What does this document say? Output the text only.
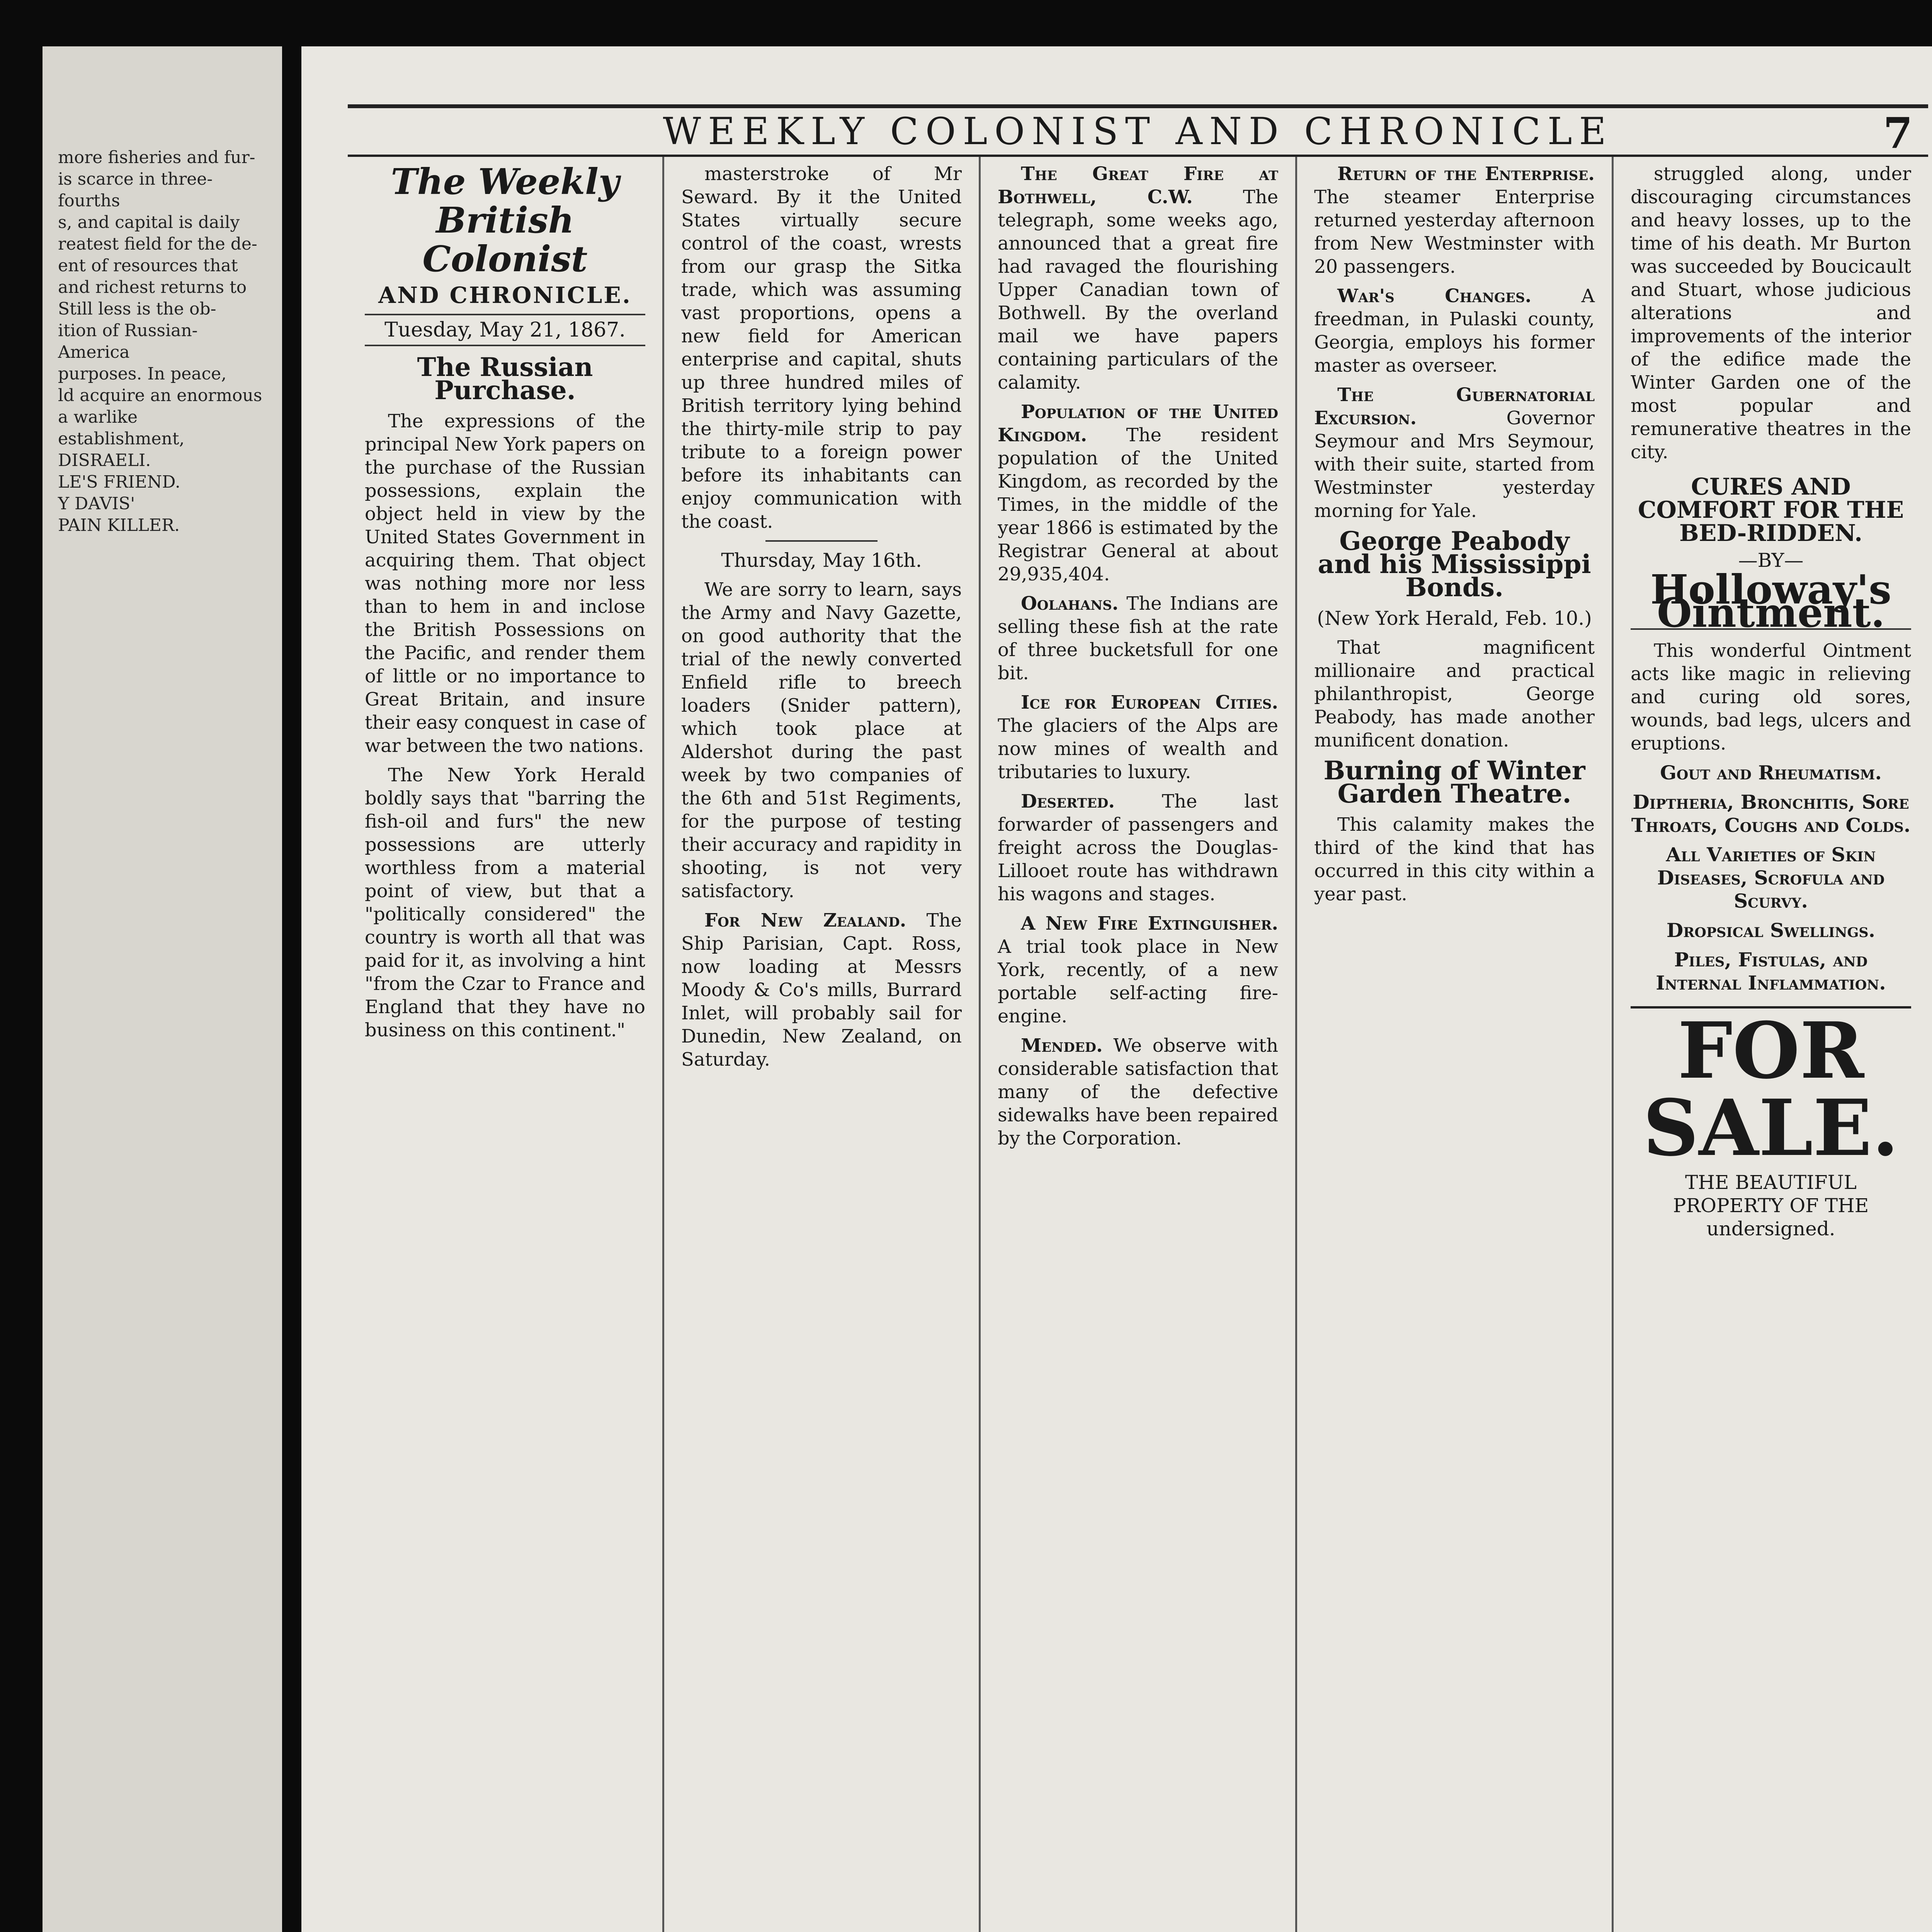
more fisheries and fur-
is scarce in three-fourths
s, and capital is daily
reatest field for the de-
ent of resources that
and richest returns to
Still less is the ob-
ition of Russian-America
purposes. In peace,
ld acquire an enormous
a warlike establishment,
DISRAELI.
LE'S FRIEND.
Y DAVIS'
PAIN KILLER.
WEEKLY COLONIST AND CHRONICLE	7
The Weekly British Colonist
AND CHRONICLE.
Tuesday, May 21, 1867.
The Russian Purchase.

The expressions of the principal New York papers on the purchase of the Russian possessions, explain the object held in view by the United States Government in acquiring them. That object was nothing more nor less than to hem in and inclose the British Possessions on the Pacific, and render them of little or no importance to Great Britain, and insure their easy conquest in case of war between the two nations.

The New York Herald boldly says that "barring the fish-oil and furs" the new possessions are utterly worthless from a material point of view, but that a "politically considered" the country is worth all that was paid for it, as involving a hint "from the Czar to France and England that they have no business on this continent."

masterstroke of Mr Seward. By it the United States virtually secure control of the coast, wrests from our grasp the Sitka trade, which was assuming vast proportions, opens a new field for American enterprise and capital, shuts up three hundred miles of British territory lying behind the thirty-mile strip to pay tribute to a foreign power before its inhabitants can enjoy communication with the coast.

Thursday, May 16th.

We are sorry to learn, says the Army and Navy Gazette, on good authority that the trial of the newly converted Enfield rifle to breech loaders (Snider pattern), which took place at Aldershot during the past week by two companies of the 6th and 51st Regiments, for the purpose of testing their accuracy and rapidity in shooting, is not very satisfactory.

For New Zealand. The Ship Parisian, Capt. Ross, now loading at Messrs Moody & Co's mills, Burrard Inlet, will probably sail for Dunedin, New Zealand, on Saturday.

The Great Fire at Bothwell, C.W.	The telegraph, some weeks ago, announced that a great fire had ravaged the flourishing Upper Canadian town of Bothwell. By the overland mail we have papers containing particulars of the calamity.

Population of the United Kingdom. The resident population of the United Kingdom, as recorded by the Times, in the middle of the year 1866 is estimated by the Registrar General at about 29,935,404.

Oolahans. The Indians are selling these fish at the rate of three bucketsfull for one bit.

Ice for European Cities. The glaciers of the Alps are now mines of wealth and tributaries to luxury.

Deserted.	The last forwarder of passengers and freight across the Douglas-Lillooet route has withdrawn his wagons and stages.

A New Fire Extinguisher. A trial took place in New York, recently, of a new portable self-acting fire-engine.

Mended. We observe with considerable satisfaction that many of the defective sidewalks have been repaired by the Corporation.

Return of the Enterprise. The steamer Enterprise returned yesterday afternoon from New Westminster with 20 passengers.

War's Changes.	A freedman, in Pulaski county, Georgia, employs his former master as overseer.

The Gubernatorial Excursion.	Governor Seymour and Mrs Seymour, with their suite, started from Westminster yesterday morning for Yale.

George Peabody and his Mississippi Bonds.
(New York Herald, Feb. 10.)

That magnificent millionaire and practical philanthropist, George Peabody, has made another munificent donation.

Burning of Winter Garden Theatre.

This calamity makes the third of the kind that has occurred in this city within a year past.

struggled along, under discouraging circumstances and heavy losses, up to the time of his death. Mr Burton was succeeded by Boucicault and Stuart, whose judicious alterations and improvements of the interior of the edifice made the Winter Garden one of the most popular and remunerative theatres in the city.

CURES AND COMFORT FOR THE BED-RIDDEN.
—BY—
Holloway's Ointment.

This wonderful Ointment acts like magic in relieving and curing old sores, wounds, bad legs, ulcers and eruptions.

Gout and Rheumatism.
Diptheria, Bronchitis, Sore Throats, Coughs and Colds.
All Varieties of Skin Diseases, Scrofula and Scurvy.
Dropsical Swellings.
Piles, Fistulas, and Internal Inflammation.
FOR SALE.
THE BEAUTIFUL PROPERTY OF THE undersigned.
